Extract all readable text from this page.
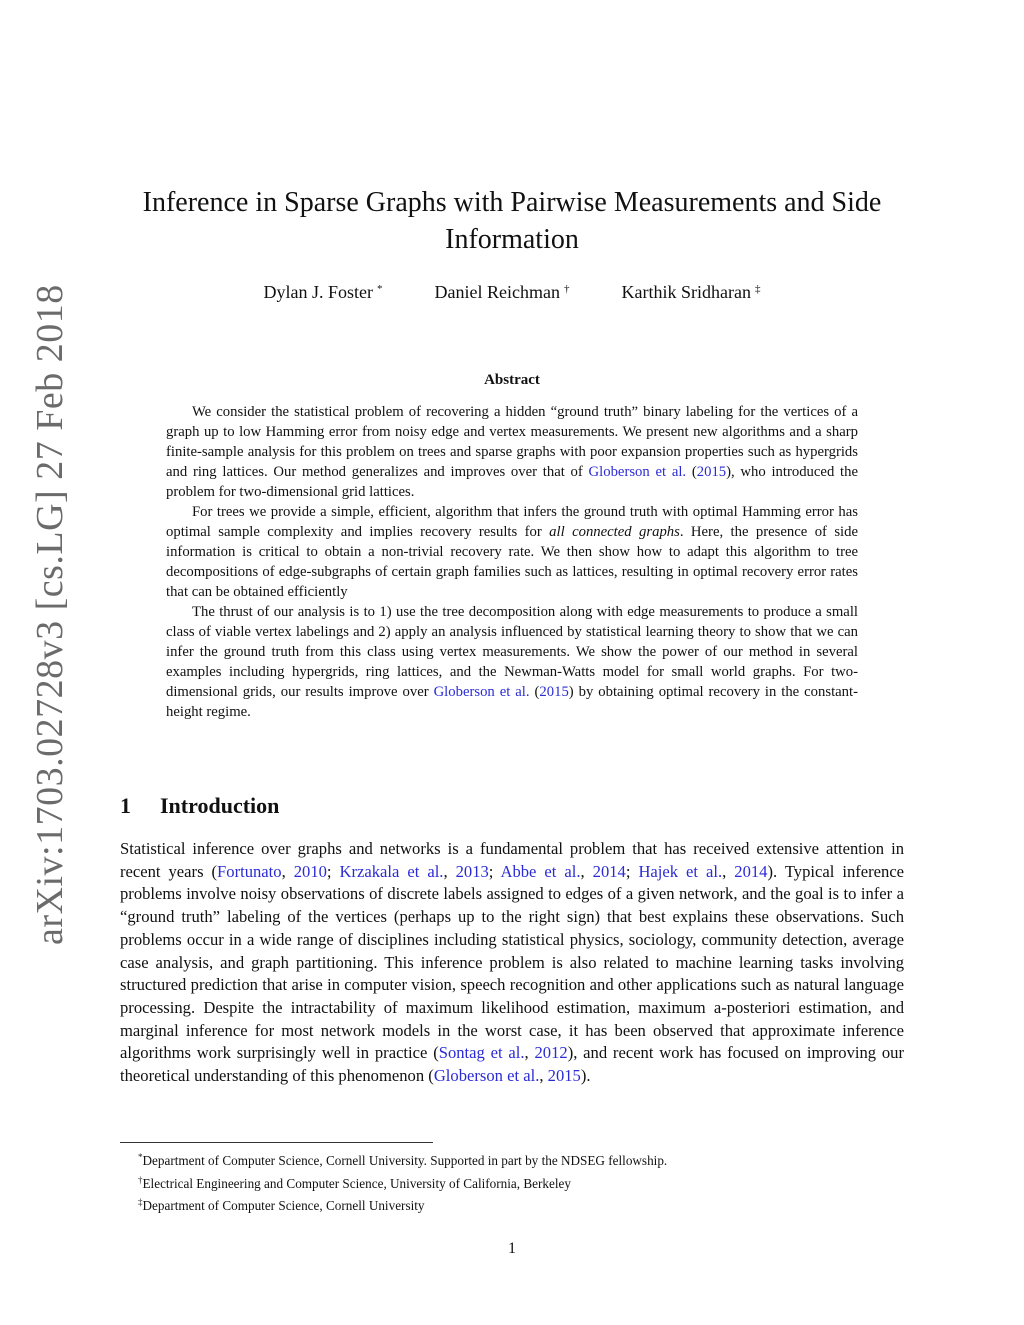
arXiv:1703.02728v3 [cs.LG] 27 Feb 2018
Inference in Sparse Graphs with Pairwise Measurements and Side Information
Dylan J. Foster *	Daniel Reichman †	Karthik Sridharan ‡
Abstract

We consider the statistical problem of recovering a hidden “ground truth” binary labeling for the vertices of a graph up to low Hamming error from noisy edge and vertex measurements. We present new algorithms and a sharp finite-sample analysis for this problem on trees and sparse graphs with poor expansion properties such as hypergrids and ring lattices. Our method generalizes and improves over that of Globerson et al. (2015), who introduced the problem for two-dimensional grid lattices.

For trees we provide a simple, efficient, algorithm that infers the ground truth with optimal Hamming error has optimal sample complexity and implies recovery results for all connected graphs. Here, the presence of side information is critical to obtain a non-trivial recovery rate. We then show how to adapt this algorithm to tree decompositions of edge-subgraphs of certain graph families such as lattices, resulting in optimal recovery error rates that can be obtained efficiently

The thrust of our analysis is to 1) use the tree decomposition along with edge measurements to produce a small class of viable vertex labelings and 2) apply an analysis influenced by statistical learning theory to show that we can infer the ground truth from this class using vertex measurements. We show the power of our method in several examples including hypergrids, ring lattices, and the Newman-Watts model for small world graphs. For two-dimensional grids, our results improve over Globerson et al. (2015) by obtaining optimal recovery in the constant-height regime.

1 Introduction

Statistical inference over graphs and networks is a fundamental problem that has received extensive attention in recent years (Fortunato, 2010; Krzakala et al., 2013; Abbe et al., 2014; Hajek et al., 2014). Typical inference problems involve noisy observations of discrete labels assigned to edges of a given network, and the goal is to infer a “ground truth” labeling of the vertices (perhaps up to the right sign) that best explains these observations. Such problems occur in a wide range of disciplines including statistical physics, sociology, community detection, average case analysis, and graph partitioning. This inference problem is also related to machine learning tasks involving structured prediction that arise in computer vision, speech recognition and other applications such as natural language processing. Despite the intractability of maximum likelihood estimation, maximum a-posteriori estimation, and marginal inference for most network models in the worst case, it has been observed that approximate inference algorithms work surprisingly well in practice (Sontag et al., 2012), and recent work has focused on improving our theoretical understanding of this phenomenon (Globerson et al., 2015).

*Department of Computer Science, Cornell University. Supported in part by the NDSEG fellowship.
†Electrical Engineering and Computer Science, University of California, Berkeley
‡Department of Computer Science, Cornell University
1
